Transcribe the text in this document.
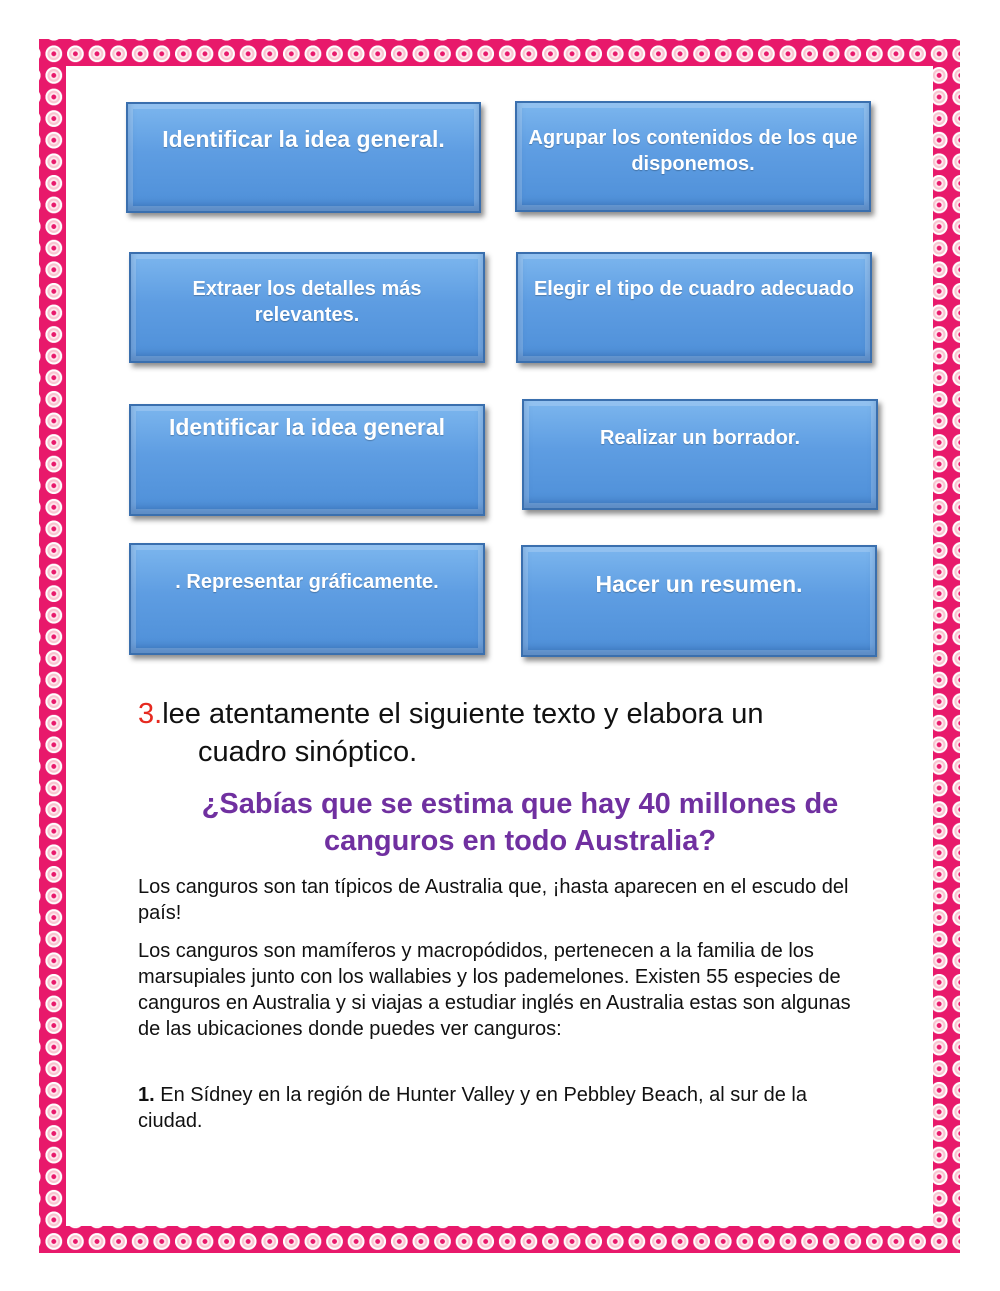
Identificar la idea general.	Agrupar los contenidos de los que disponemos.
Extraer los detalles más relevantes.
Elegir el tipo de cuadro adecuado
Identificar la idea general	Realizar un borrador.
. Representar gráficamente.	Hacer un resumen.
3.lee atentamente el siguiente texto y elabora un
cuadro sinóptico.
¿Sabías que se estima que hay 40 millones de
canguros en todo Australia?

Los canguros son tan típicos de Australia que, ¡hasta aparecen en el escudo del país!

Los canguros son mamíferos y macropódidos, pertenecen a la familia de los marsupiales junto con los wallabies y los pademelones. Existen 55 especies de canguros en Australia y si viajas a estudiar inglés en Australia estas son algunas de las ubicaciones donde puedes ver canguros:

1. En Sídney en la región de Hunter Valley y en Pebbley Beach, al sur de la ciudad.
